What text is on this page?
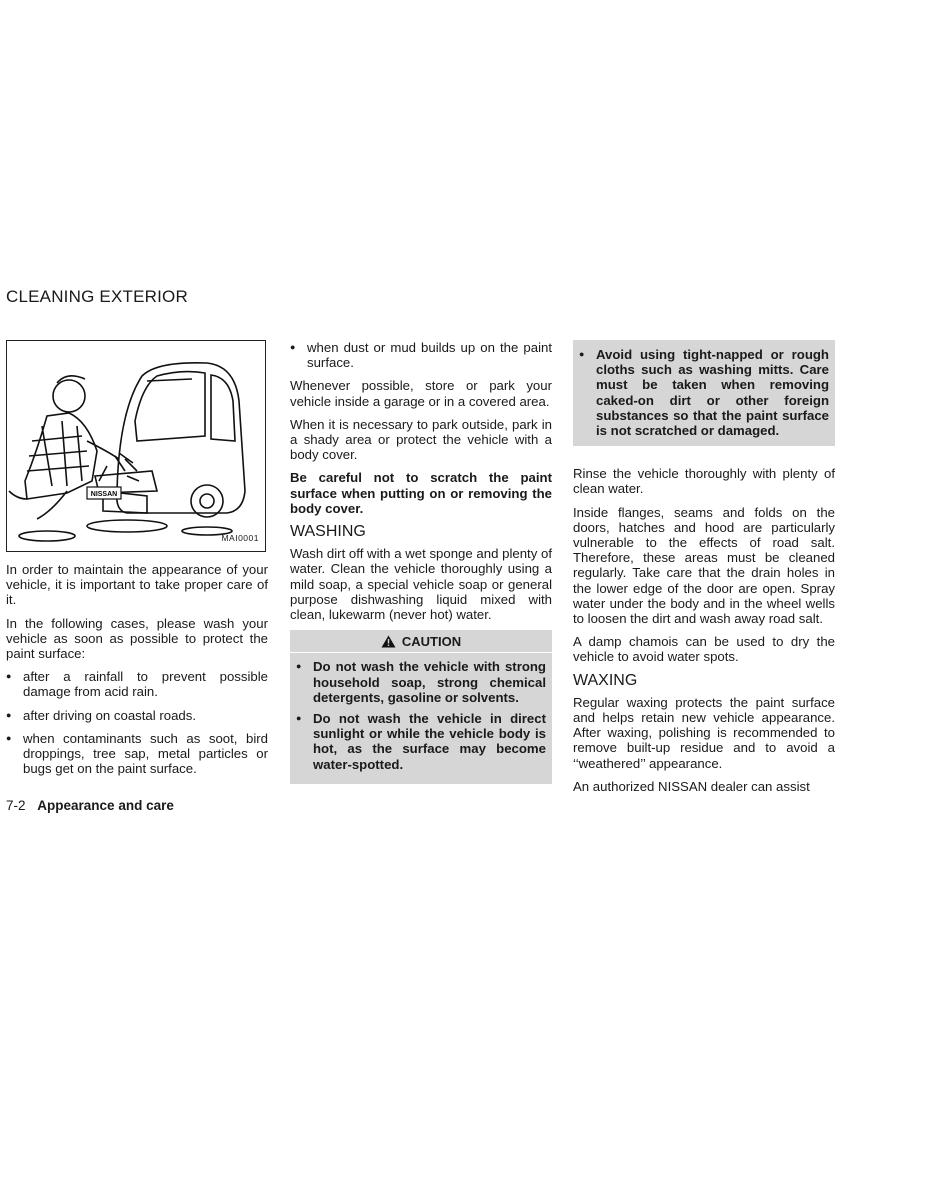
CLEANING EXTERIOR
NISSAN
MAI0001

In order to maintain the appearance of your vehicle, it is important to take proper care of it.

In the following cases, please wash your vehicle as soon as possible to protect the paint surface:

● after a rainfall to prevent possible damage from acid rain.
● after driving on coastal roads.
● when contaminants such as soot, bird droppings, tree sap, metal particles or bugs get on the paint surface.
● when dust or mud builds up on the paint surface.

Whenever possible, store or park your vehicle inside a garage or in a covered area.

When it is necessary to park outside, park in a shady area or protect the vehicle with a body cover.

Be careful not to scratch the paint surface when putting on or removing the body cover.

WASHING

Wash dirt off with a wet sponge and plenty of water. Clean the vehicle thoroughly using a mild soap, a special vehicle soap or general purpose dishwashing liquid mixed with clean, lukewarm (never hot) water.

CAUTION
● Do not wash the vehicle with strong household soap, strong chemical detergents, gasoline or solvents.
● Do not wash the vehicle in direct sunlight or while the vehicle body is hot, as the surface may become water-spotted.
● Avoid using tight-napped or rough cloths such as washing mitts. Care must be taken when removing caked-on dirt or other foreign substances so that the paint surface is not scratched or damaged.

Rinse the vehicle thoroughly with plenty of clean water.

Inside flanges, seams and folds on the doors, hatches and hood are particularly vulnerable to the effects of road salt. Therefore, these areas must be cleaned regularly. Take care that the drain holes in the lower edge of the door are open. Spray water under the body and in the wheel wells to loosen the dirt and wash away road salt.

A damp chamois can be used to dry the vehicle to avoid water spots.

WAXING

Regular waxing protects the paint surface and helps retain new vehicle appearance. After waxing, polishing is recommended to remove built-up residue and to avoid a ‘‘weathered’’ appearance.

An authorized NISSAN dealer can assist

7-2 Appearance and care
